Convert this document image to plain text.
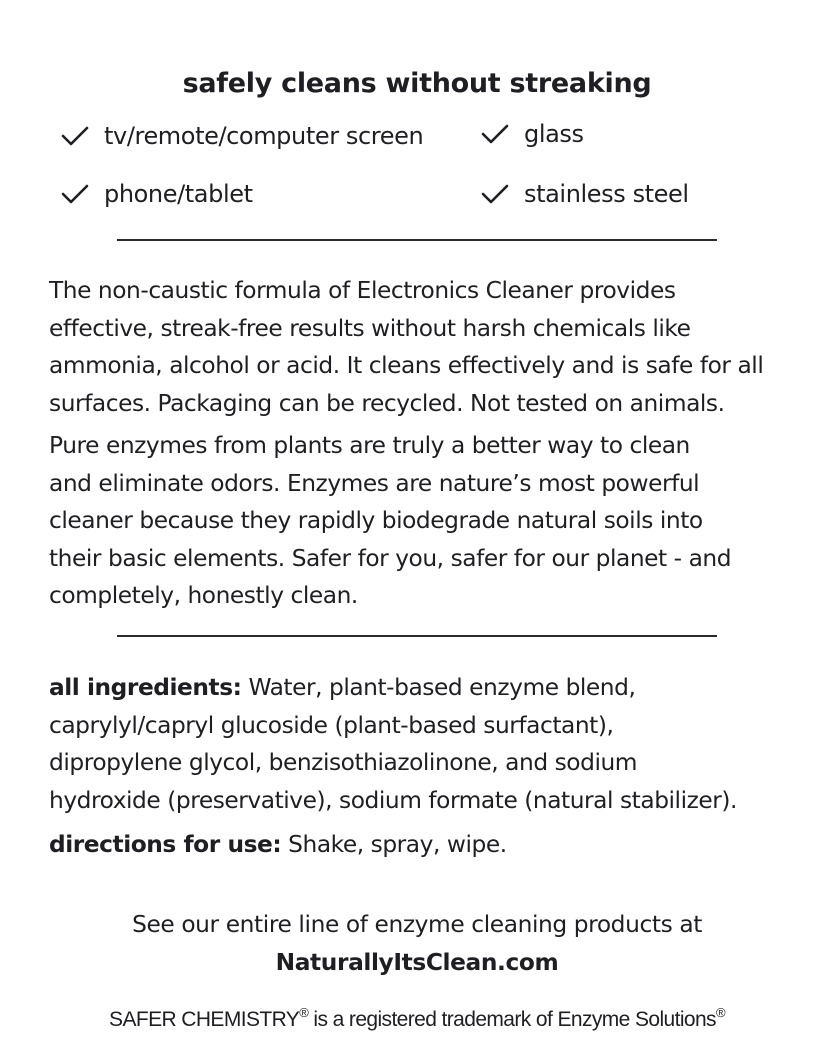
safely cleans without streaking
tv/remote/computer screen	glass
phone/tablet	stainless steel

The non-caustic formula of Electronics Cleaner provides
effective, streak-free results without harsh chemicals like
ammonia, alcohol or acid. It cleans effectively and is safe for all
surfaces. Packaging can be recycled. Not tested on animals.

Pure enzymes from plants are truly a better way to clean
and eliminate odors. Enzymes are nature’s most powerful
cleaner because they rapidly biodegrade natural soils into
their basic elements. Safer for you, safer for our planet - and
completely, honestly clean.

all ingredients: Water, plant-based enzyme blend,
caprylyl/capryl glucoside (plant-based surfactant),
dipropylene glycol, benzisothiazolinone, and sodium
hydroxide (preservative), sodium formate (natural stabilizer).

directions for use: Shake, spray, wipe.

See our entire line of enzyme cleaning products at
NaturallyItsClean.com
SAFER CHEMISTRY® is a registered trademark of Enzyme Solutions®
